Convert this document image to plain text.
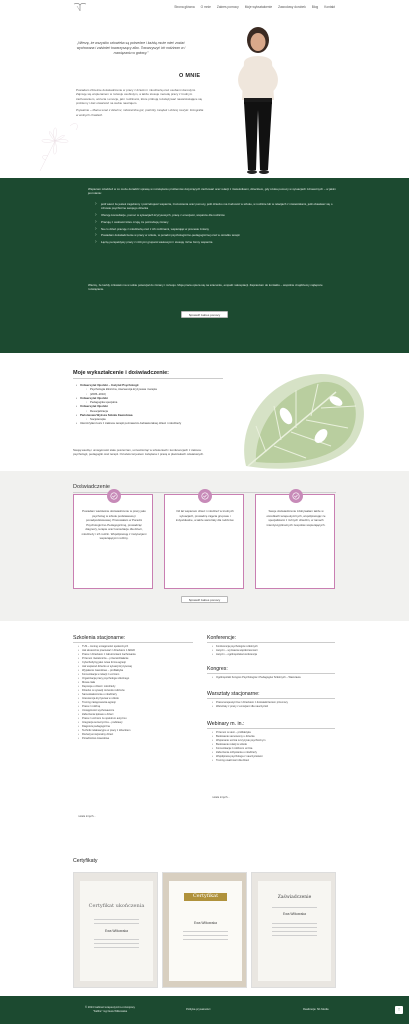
Strona główna O mnie Zakres pomocy Moje wykształcenie Zawodowy dorobek Blog Kontakt
„Wierzę, że wszystko człowieka są potrzebne i każdą może mieć zostać wychowana i zaistnieć towarzyszący albo. Towarzyszyć ich rodzinom w i rozwiązaniu w gotowy.”
O MNIE

Posiadam 20-letnie doświadczenie w pracy z dziećmi i młodzieżą oraz osobami dorosłymi. Zajmuję się wspieraniem w rozwoju osobistym, a także stosuje metodę pracy z trudnym zachowaniem, uczucia i emocje, jak i rodzinami, które próbują rozwiązywać nawarstwiające się problemy i dać otwartość na siebie nawzajem.

Prywatnie – Mama wraz z dziećmi, miłośniczka gór, podróży, książek i dobrej muzyki. Fotografia w wolnych chwilach.

Wspieram młodzież w co może doradzić sprawę w rozwiązaniu problemów dotyczących zachowań oraz relacji z rówieśnikami, dzieckiem, gdy szuka pomocy w sytuacjach zdrowotnych – w jakim jest stanie:
› jeśli wiesz że jesteś zagubiony i potrzebujesz wsparcia, zrozumienia oraz pomocy, jeśli dziecko ma trudności w szkole, w rodzinie lub w relacjach z rówieśnikami, jeśli obawiasz się o zdrowie psychiczne swojego dziecka
› Oferuję konsultacje, pomoc w sytuacjach kryzysowych, pracę z emocjami, wsparcie dla rodziców
› Pracuję z osobami które czują, że potrzebują zmiany
› Na co dzień pracuję z młodzieżą oraz z ich rodzinami, wspierając w procesie zmiany
› Posiadam doświadczenie w pracy w szkole, w poradni psychologiczno-pedagogicznej oraz w ośrodku terapii
› Łączę perspektywy pracy z różnymi grupami wiekowymi i stosuję różne formy wsparcia
Wierzę, że każdy człowiek ma w sobie potencjał do zmiany i rozwoju. Moja praca opiera się na szacunku, empatii i akceptacji. Zapraszam do kontaktu – wspólnie znajdziemy najlepsze rozwiązanie.
Sprawdź zakres pomocy
Moje wykształcenie i doświadczenie:
• Uniwersytet Opolski – Instytut Psychologii
◦ Psychologia kliniczna, interwencja kryzysowa i terapia
◦ (2005–2010)
• Uniwersytet Opolski
◦ Pedagogika specjalna
• Uniwersytet Opolski
◦ Resocjalizacja
• Państwowa Wyższa Szkoła Zawodowa
◦ Socjoterapia
• Ukończyłam kurs z zakresu terapii poznawczo-behawioralnej dzieci i młodzieży
Swoją wiedzę i umiejętności stale poszerzam, uczestnicząc w szkoleniach i konferencjach z zakresu psychologii, pedagogiki oraz terapii. Od wielu lat jestem związana z pracą w placówkach oświatowych.
Doświadczenie
Posiadam wieloletnie doświadczenie w pracy jako psycholog w szkole podstawowej i ponadpodstawowej. Pracowałam w Poradni Psychologiczno-Pedagogicznej, prowadząc diagnozy, terapie oraz konsultacje dla dzieci, młodzieży i ich rodzin. Współpracuję z instytucjami wspierającymi rodziny.
Od lat wspieram dzieci i młodzież w trudnych sytuacjach, prowadzę zajęcia grupowe i indywidualne, a także warsztaty dla rodziców.
Swoje doświadczenie zdobywałam także w ośrodkach terapeutycznych, współpracując ze specjalistami z różnych dziedzin, w ramach interdyscyplinarnych zespołów wspierających.
Sprawdź zakres pomocy
Szkolenia stacjonarne:
• TUS – trening umiejętności społecznych
• Jak skutecznie pracować z dzieckiem z ADHD
• Praca z dzieckiem z zaburzeniami zachowania
• Przemoc rówieśnicza – przeciwdziałanie
• Cyberbullying jako nowa forma agresji
• Jak wspierać dziecko w sytuacji kryzysowej
• Wypalenie zawodowe – profilaktyka
• Komunikacja w relacji z uczniem
• Organizacja pracy psychologa szkolnego
• Mowa ciała
• Depresja u dzieci i młodzieży
• Dziecko w sytuacji rozwodu rodziców
• Samookaleczenia u młodzieży
• Interwencja kryzysowa w szkole
• Trening zastępowania agresji
• Praca z rodziną
• Umiejętności wychowawcze
• Zaburzenia lękowe u dzieci
• Praca z uczniem ze spektrum autyzmu
• Integracja sensoryczna – podstawy
• Diagnoza pedagogiczna
• Techniki relaksacyjne w pracy z dzieckiem
• Rozwój emocjonalny dzieci
• Poradnictwo zawodowe
i wiele innych...
Konferencje:
• Konferencja psychologów szkolnych
• Autyzm – wyzwania współczesności
• Autyzm – ogólnopolska konferencja
Kongres:
• Ogólnopolski Kongres Psychologów i Pedagogów Szkolnych – Warszawa
Warsztaty stacjonarne:
• Praca terapeutyczna z dzieckiem z doświadczeniem przemocy
• Warsztaty z pracy z emocjami dla nauczycieli
Webinary m. in.:
• Przemoc w sieci – profilaktyka
• Budowanie samooceny u dziecka
• Wspieranie ucznia w kryzysie psychicznym
• Budowanie relacji w szkole
• Komunikacja z rodzicem ucznia
• Zaburzenia odżywiania u młodzieży
• Współpraca psychologa z nauczycielami
• Trening uważności dla dzieci
i wiele innych...
Certyfikaty
Certyfikat ukończenia
Ewa Wilkowska
Certyfikat
Ewa Wilkowska
Zaświadczenie
Ewa Wilkowska
© 2024 Gabinet terapeutyczno-rozwojowy "Kalibe" mgr Ewa Wilkowska
Polityka prywatności	Realizacja: SF-Media	↑
